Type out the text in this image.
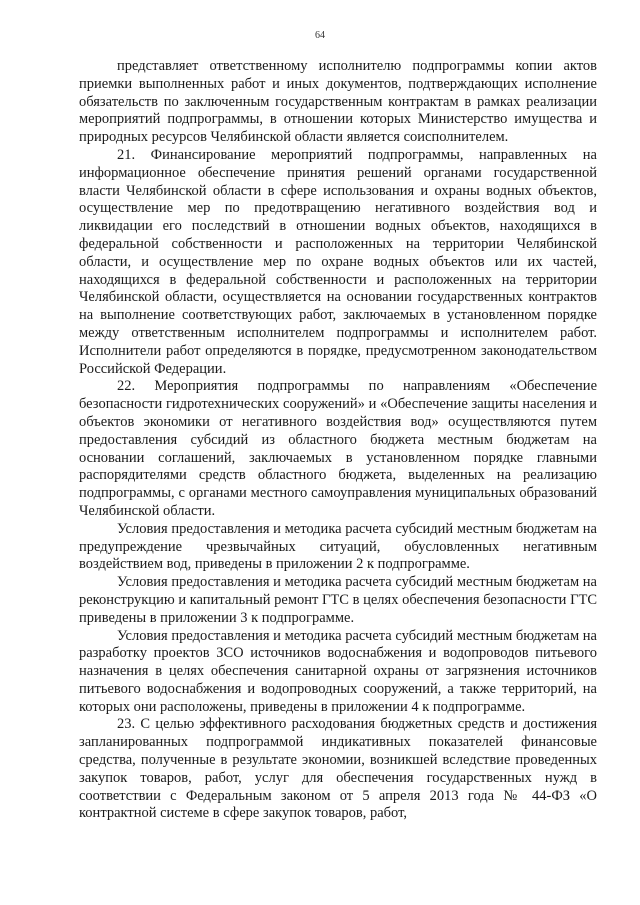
64

представляет ответственному исполнителю подпрограммы копии актов приемки выполненных работ и иных документов, подтверждающих исполнение обязательств по заключенным государственным контрактам в рамках реализации мероприятий подпрограммы, в отношении которых Министерство имущества и природных ресурсов Челябинской области является соисполнителем.

21. Финансирование мероприятий подпрограммы, направленных на информационное обеспечение принятия решений органами государственной власти Челябинской области в сфере использования и охраны водных объектов, осуществление мер по предотвращению негативного воздействия вод и ликвидации его последствий в отношении водных объектов, находящихся в федеральной собственности и расположенных на территории Челябинской области, и осуществление мер по охране водных объектов или их частей, находящихся в федеральной собственности и расположенных на территории Челябинской области, осуществляется на основании государственных контрактов на выполнение соответствующих работ, заключаемых в установленном порядке между ответственным исполнителем подпрограммы и исполнителем работ. Исполнители работ определяются в порядке, предусмотренном законодательством Российской Федерации.

22. Мероприятия подпрограммы по направлениям «Обеспечение безопасности гидротехнических сооружений» и «Обеспечение защиты населения и объектов экономики от негативного воздействия вод» осуществляются путем предоставления субсидий из областного бюджета местным бюджетам на основании соглашений, заключаемых в установленном порядке главными распорядителями средств областного бюджета, выделенных на реализацию подпрограммы, с органами местного самоуправления муниципальных образований Челябинской области.

Условия предоставления и методика расчета субсидий местным бюджетам на предупреждение чрезвычайных ситуаций, обусловленных негативным воздействием вод, приведены в приложении 2 к подпрограмме.

Условия предоставления и методика расчета субсидий местным бюджетам на реконструкцию и капитальный ремонт ГТС в целях обеспечения безопасности ГТС приведены в приложении 3 к подпрограмме.

Условия предоставления и методика расчета субсидий местным бюджетам на разработку проектов ЗСО источников водоснабжения и водопроводов питьевого назначения в целях обеспечения санитарной охраны от загрязнения источников питьевого водоснабжения и водопроводных сооружений, а также территорий, на которых они расположены, приведены в приложении 4 к подпрограмме.

23. С целью эффективного расходования бюджетных средств и достижения запланированных подпрограммой индикативных показателей финансовые средства, полученные в результате экономии, возникшей вследствие проведенных закупок товаров, работ, услуг для обеспечения государственных нужд в соответствии с Федеральным законом от 5 апреля 2013 года № 44-ФЗ «О контрактной системе в сфере закупок товаров, работ,
